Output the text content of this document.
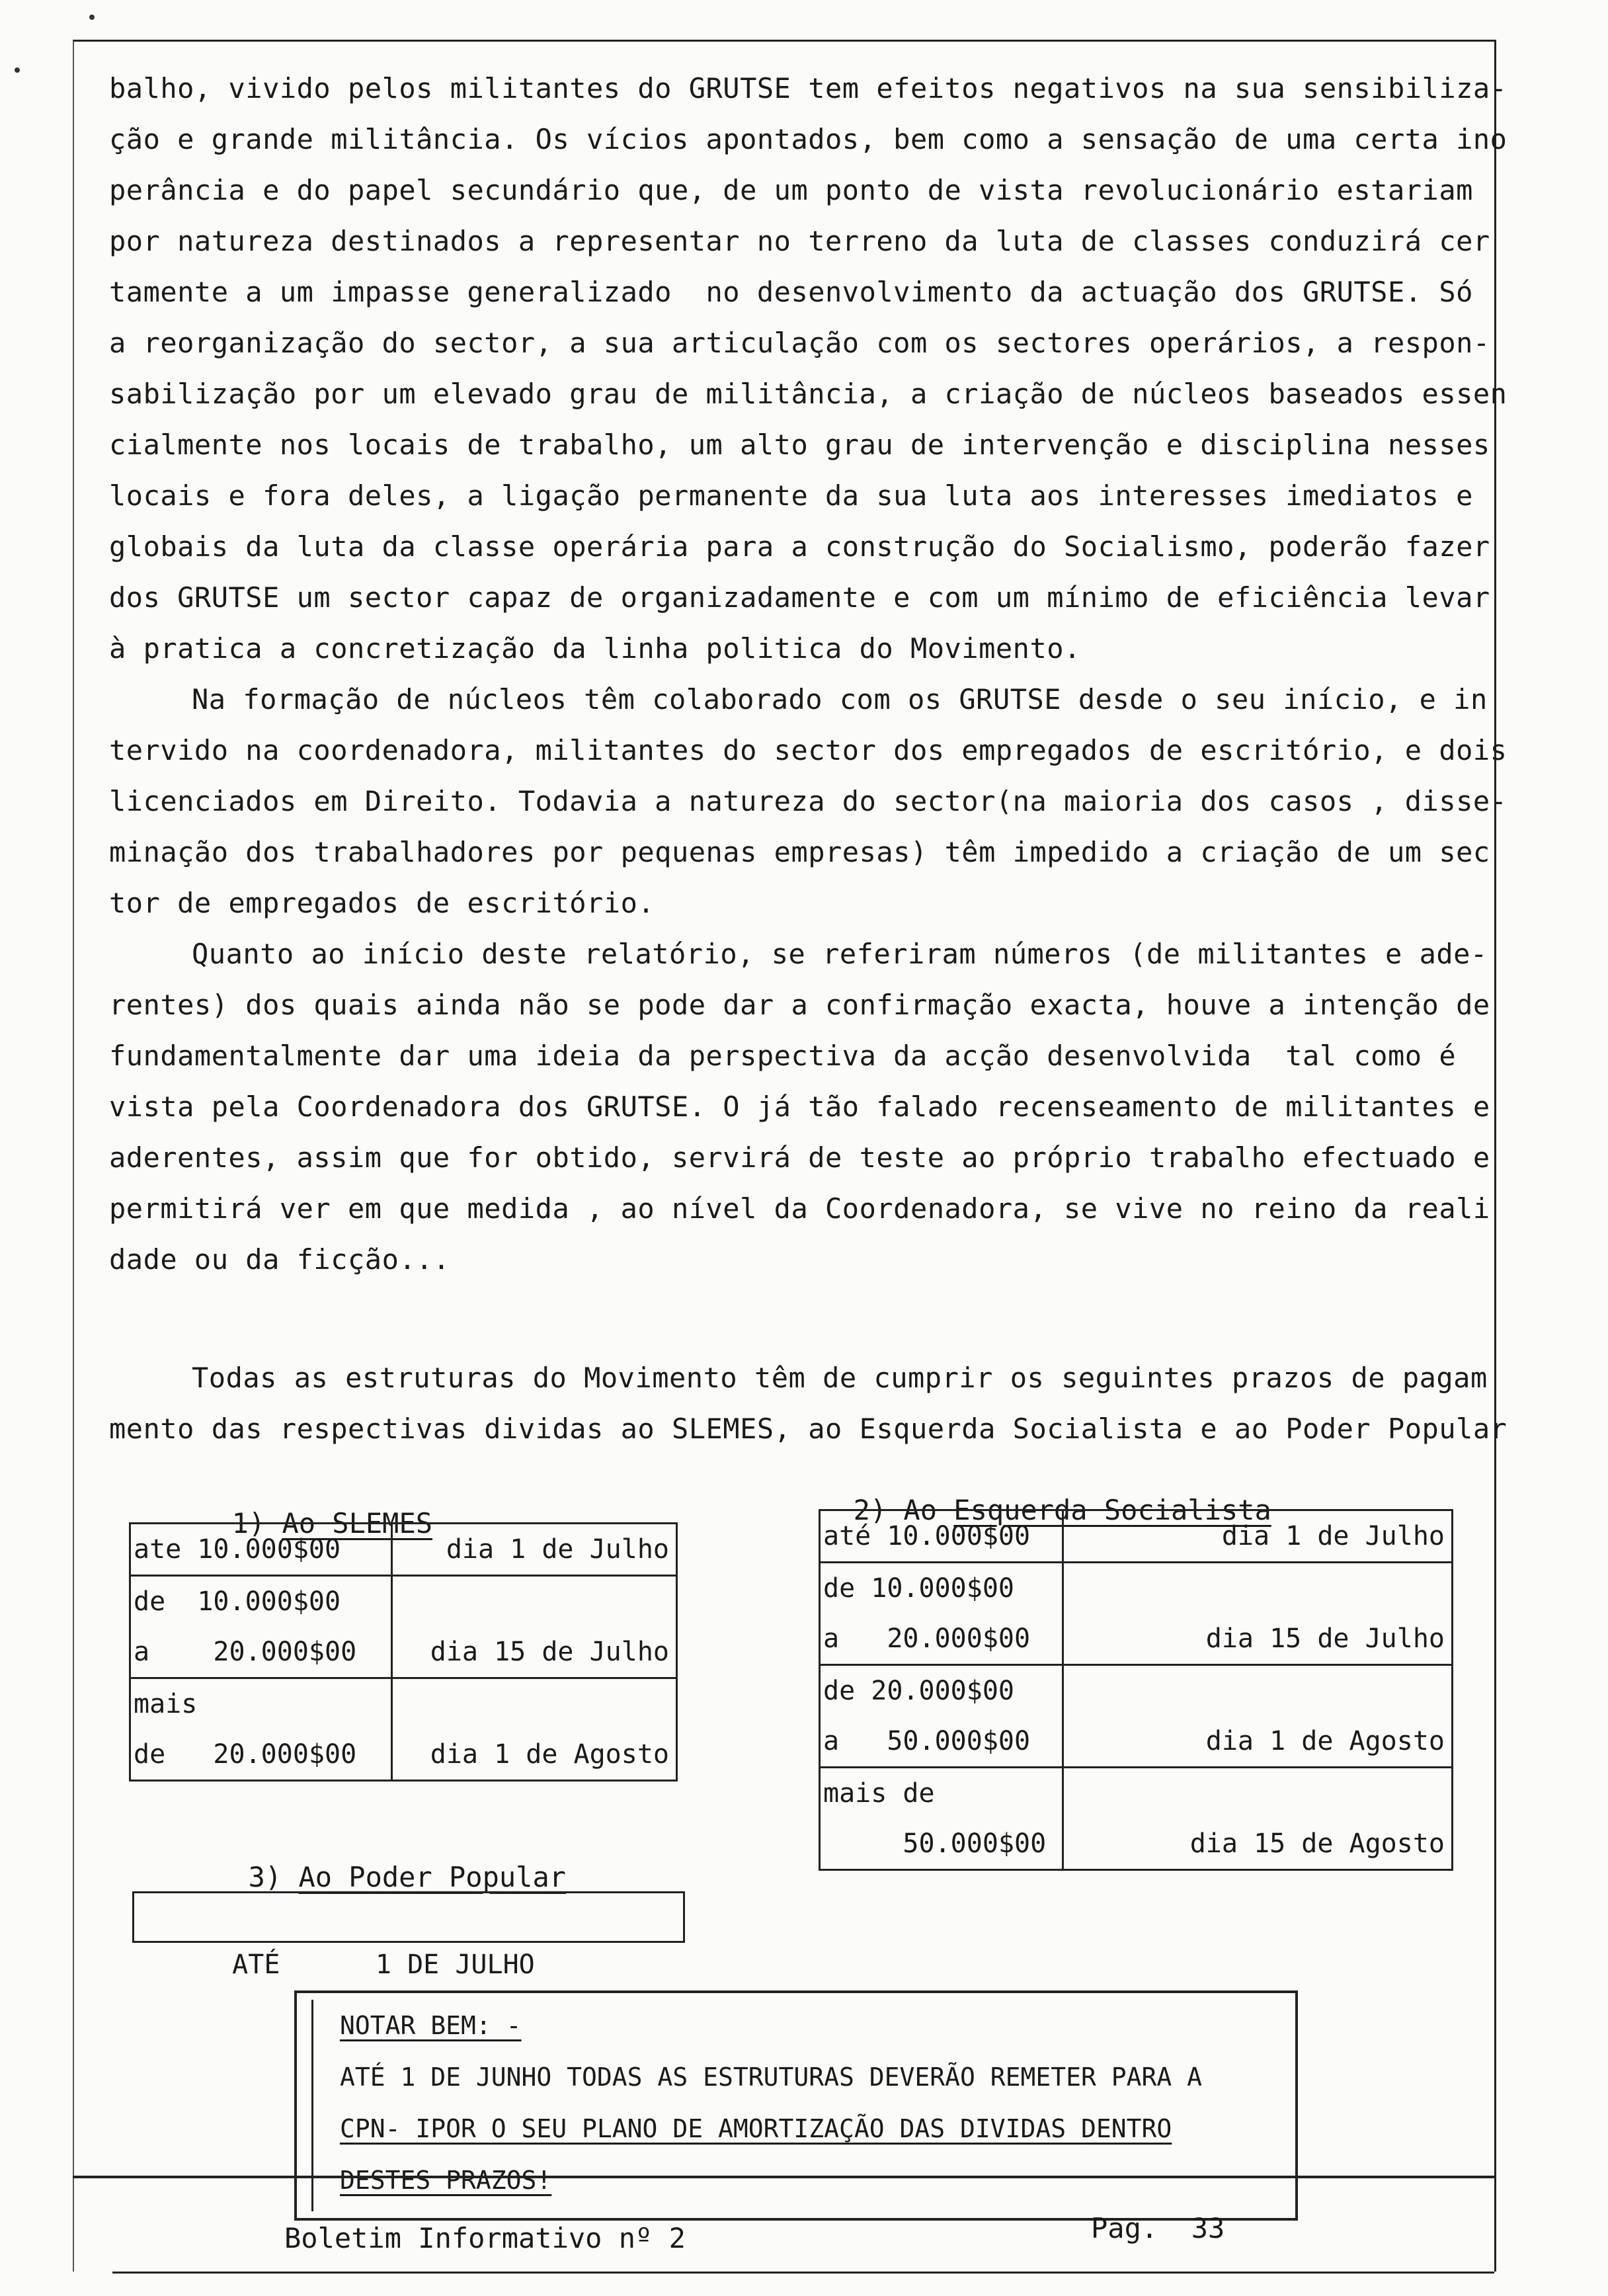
balho, vivido pelos militantes do GRUTSE tem efeitos negativos na sua sensibiliza-
ção e grande militância. Os vícios apontados, bem como a sensação de uma certa ino
perância e do papel secundário que, de um ponto de vista revolucionário estariam
por natureza destinados a representar no terreno da luta de classes conduzirá cer
tamente a um impasse generalizado  no desenvolvimento da actuação dos GRUTSE. Só
a reorganização do sector, a sua articulação com os sectores operários, a respon-
sabilização por um elevado grau de militância, a criação de núcleos baseados essen
cialmente nos locais de trabalho, um alto grau de intervenção e disciplina nesses
locais e fora deles, a ligação permanente da sua luta aos interesses imediatos e
globais da luta da classe operária para a construção do Socialismo, poderão fazer
dos GRUTSE um sector capaz de organizadamente e com um mínimo de eficiência levar
à pratica a concretização da linha politica do Movimento.
Na formação de núcleos têm colaborado com os GRUTSE desde o seu início, e in
tervido na coordenadora, militantes do sector dos empregados de escritório, e dois
licenciados em Direito. Todavia a natureza do sector(na maioria dos casos , disse-
minação dos trabalhadores por pequenas empresas) têm impedido a criação de um sec
tor de empregados de escritório.
Quanto ao início deste relatório, se referiram números (de militantes e ade-
rentes) dos quais ainda não se pode dar a confirmação exacta, houve a intenção de
fundamentalmente dar uma ideia da perspectiva da acção desenvolvida  tal como é
vista pela Coordenadora dos GRUTSE. O já tão falado recenseamento de militantes e
aderentes, assim que for obtido, servirá de teste ao próprio trabalho efectuado e
permitirá ver em que medida , ao nível da Coordenadora, se vive no reino da reali
dade ou da ficção...
Todas as estruturas do Movimento têm de cumprir os seguintes prazos de pagam
mento das respectivas dividas ao SLEMES, ao Esquerda Socialista e ao Poder Popular

1) Ao SLEMES

ate 10.000$00	dia 1 de Julho

de  10.000$00
a    20.000$00	dia 15 de Julho

mais
de   20.000$00	dia 1 de Agosto

2) Ao Esquerda Socialista

até 10.000$00	dia 1 de Julho

de 10.000$00
a   20.000$00	dia 15 de Julho

de 20.000$00
a   50.000$00	dia 1 de Agosto

mais de
50.000$00	dia 15 de Agosto

3) Ao Poder Popular

ATÉ      1 DE JULHO

NOTAR BEM: -
ATÉ 1 DE JUNHO TODAS AS ESTRUTURAS DEVERÃO REMETER PARA A
CPN- IPOR O SEU PLANO DE AMORTIZAÇÃO DAS DIVIDAS DENTRO
DESTES PRAZOS!
Boletim Informativo nº 2	Pag.  33
